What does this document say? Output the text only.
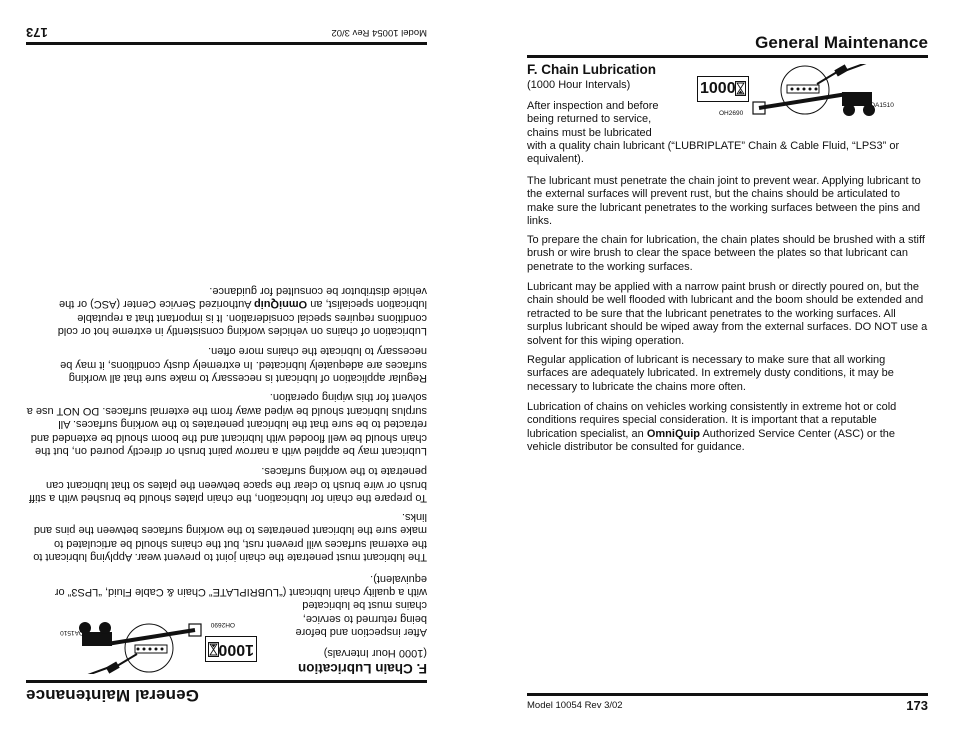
General Maintenance
F. Chain Lubrication
(1000 Hour Intervals)
After inspection and before being returned to service, chains must be lubricated
1000
OH2690
OA1510
with a quality chain lubricant (“LUBRIPLATE” Chain & Cable Fluid, “LPS3” or equivalent).

The lubricant must penetrate the chain joint to prevent wear. Applying lubricant to the external surfaces will prevent rust, but the chains should be articulated to make sure the lubricant penetrates to the working surfaces between the pins and links.

To prepare the chain for lubrication, the chain plates should be brushed with a stiff brush or wire brush to clear the space between the plates so that lubricant can penetrate to the working surfaces.

Lubricant may be applied with a narrow paint brush or directly poured on, but the chain should be well flooded with lubricant and the boom should be extended and retracted to be sure that the lubricant penetrates to the working surfaces. All surplus lubricant should be wiped away from the external surfaces. DO NOT use a solvent for this wiping operation.

Regular application of lubricant is necessary to make sure that all working surfaces are adequately lubricated. In extremely dusty conditions, it may be necessary to lubricate the chains more often.

Lubrication of chains on vehicles working consistently in extreme hot or cold conditions requires special consideration. It is important that a reputable lubrication specialist, an OmniQuip Authorized Service Center (ASC) or the vehicle distributor be consulted for guidance.

Model 10054 Rev 3/02
173
General Maintenance
F. Chain Lubrication
(1000 Hour Intervals)
After inspection and before being returned to service, chains must be lubricated
1000
OH2690
OA1510
with a quality chain lubricant (“LUBRIPLATE” Chain & Cable Fluid, “LPS3” or equivalent).

The lubricant must penetrate the chain joint to prevent wear. Applying lubricant to the external surfaces will prevent rust, but the chains should be articulated to make sure the lubricant penetrates to the working surfaces between the pins and links.

To prepare the chain for lubrication, the chain plates should be brushed with a stiff brush or wire brush to clear the space between the plates so that lubricant can penetrate to the working surfaces.

Lubricant may be applied with a narrow paint brush or directly poured on, but the chain should be well flooded with lubricant and the boom should be extended and retracted to be sure that the lubricant penetrates to the working surfaces. All surplus lubricant should be wiped away from the external surfaces. DO NOT use a solvent for this wiping operation.

Regular application of lubricant is necessary to make sure that all working surfaces are adequately lubricated. In extremely dusty conditions, it may be necessary to lubricate the chains more often.

Lubrication of chains on vehicles working consistently in extreme hot or cold conditions requires special consideration. It is important that a reputable lubrication specialist, an OmniQuip Authorized Service Center (ASC) or the vehicle distributor be consulted for guidance.

Model 10054 Rev 3/02	173
